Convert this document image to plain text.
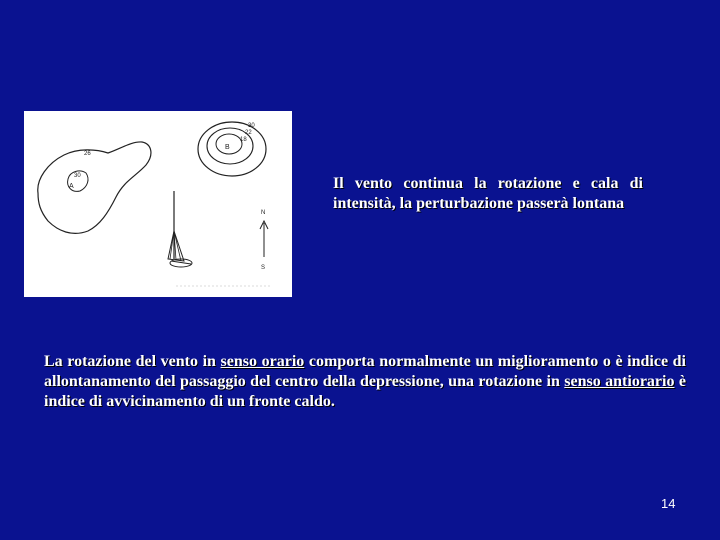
26
30
A
B
30
22
18
N
S
Il vento continua la rotazione e cala di intensità, la perturbazione passerà lontana
La rotazione del vento in senso orario comporta normalmente un miglioramento o è indice di allontanamento del passaggio del centro della depressione, una rotazione in senso antiorario è indice di avvicinamento di un fronte caldo.
14
